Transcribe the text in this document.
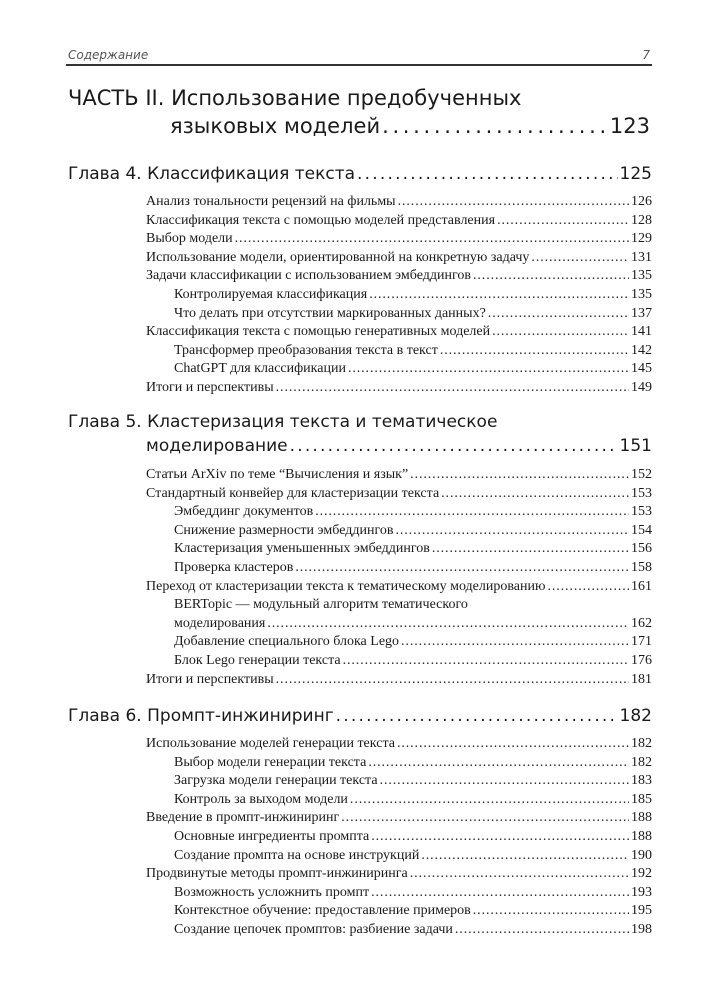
Содержание	7
ЧАСТЬ II. Использование предобученных
языковых моделей . . .	123
Глава 4. Классификация текста . . .	125
Анализ тональности рецензий на фильмы . . .	126
Классификация текста с помощью моделей представления . . .	128
Выбор модели . . .	129
Использование модели, ориентированной на конкретную задачу . . .	131
Задачи классификации с использованием эмбеддингов . . .	135
Контролируемая классификация . . .	135
Что делать при отсутствии маркированных данных? . . .	137
Классификация текста с помощью генеративных моделей . . .	141
Трансформер преобразования текста в текст . . .	142
ChatGPT для классификации . . .	145
Итоги и перспективы . . .	149
Глава 5. Кластеризация текста и тематическое
моделирование . . .	151
Статьи ArXiv по теме “Вычисления и язык” . . .	152
Стандартный конвейер для кластеризации текста . . .	153
Эмбеддинг документов . . .	153
Снижение размерности эмбеддингов . . .	154
Кластеризация уменьшенных эмбеддингов . . .	156
Проверка кластеров . . .	158
Переход от кластеризации текста к тематическому моделированию . . .	161
BERTopic — модульный алгоритм тематического
моделирования . . .	162
Добавление специального блока Lego . . .	171
Блок Lego генерации текста . . .	176
Итоги и перспективы . . .	181
Глава 6. Промпт-инжиниринг . . .	182
Использование моделей генерации текста . . .	182
Выбор модели генерации текста . . .	182
Загрузка модели генерации текста . . .	183
Контроль за выходом модели . . .	185
Введение в промпт-инжиниринг . . .	188
Основные ингредиенты промпта . . .	188
Создание промпта на основе инструкций . . .	190
Продвинутые методы промпт-инжиниринга . . .	192
Возможность усложнить промпт . . .	193
Контекстное обучение: предоставление примеров . . .	195
Создание цепочек промптов: разбиение задачи . . .	198
